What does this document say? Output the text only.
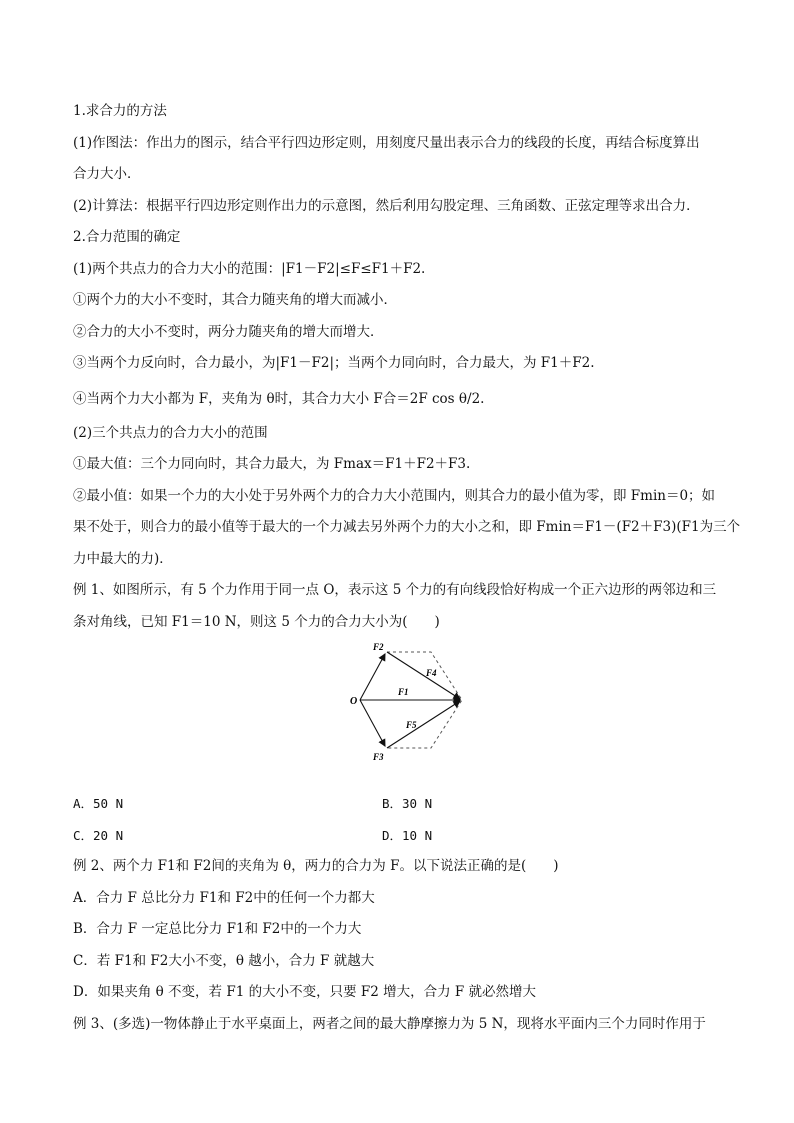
1.求合力的方法
(1)作图法：作出力的图示，结合平行四边形定则，用刻度尺量出表示合力的线段的长度，再结合标度算出
合力大小．
(2)计算法：根据平行四边形定则作出力的示意图，然后利用勾股定理、三角函数、正弦定理等求出合力．
2.合力范围的确定
(1)两个共点力的合力大小的范围：|F1－F2|≤F≤F1＋F2.
①两个力的大小不变时，其合力随夹角的增大而减小．
②合力的大小不变时，两分力随夹角的增大而增大．
③当两个力反向时，合力最小，为|F1－F2|；当两个力同向时，合力最大，为 F1＋F2.
④当两个力大小都为 F，夹角为 θ时，其合力大小 F合＝2F cos θ/2.
(2)三个共点力的合力大小的范围
①最大值：三个力同向时，其合力最大，为 Fmax＝F1＋F2＋F3.
②最小值：如果一个力的大小处于另外两个力的合力大小范围内，则其合力的最小值为零，即 Fmin＝0；如
果不处于，则合力的最小值等于最大的一个力减去另外两个力的大小之和，即 Fmin＝F1－(F2＋F3)(F1为三个
力中最大的力)．
例 1、如图所示，有 5 个力作用于同一点 O，表示这 5 个力的有向线段恰好构成一个正六边形的两邻边和三
条对角线，已知 F1＝10 N，则这 5 个力的合力大小为(　　)
O
F1
F2
F3
F4
F5
A．50 N	B．30 N
C．20 N	D．10 N
例 2、两个力 F1和 F2间的夹角为 θ，两力的合力为 F。以下说法正确的是(　　)
A．合力 F 总比分力 F1和 F2中的任何一个力都大
B．合力 F 一定总比分力 F1和 F2中的一个力大
C．若 F1和 F2大小不变，θ 越小，合力 F 就越大
D．如果夹角 θ 不变，若 F1 的大小不变，只要 F2 增大，合力 F 就必然增大
例 3、(多选)一物体静止于水平桌面上，两者之间的最大静摩擦力为 5 N，现将水平面内三个力同时作用于
